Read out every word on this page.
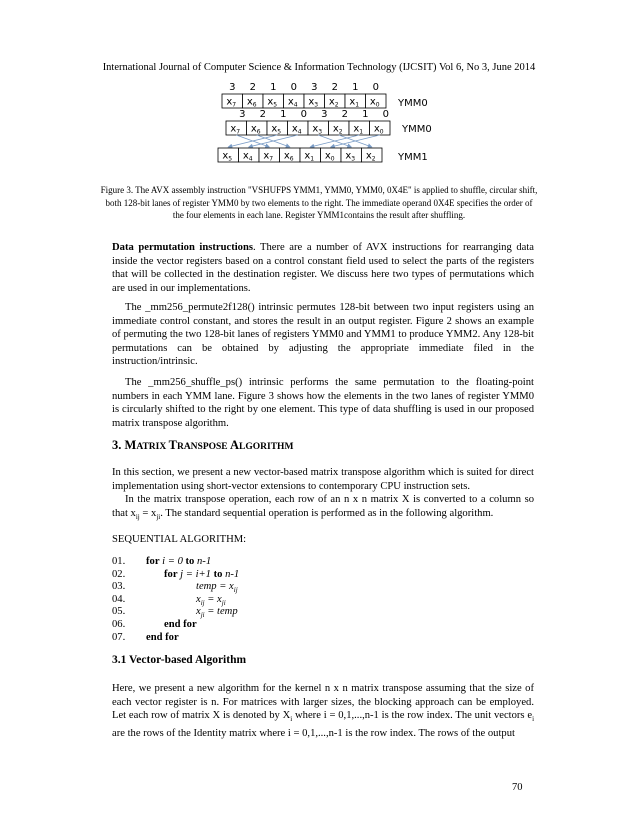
International Journal of Computer Science & Information Technology (IJCSIT) Vol 6, No 3, June 2014
3 2 1 0 3 2 1 0
$x_7$ $x_6$ $x_5$ $x_4$ $x_3$ $x_2$ $x_1$ $x_0$ YMM0
3 2 1 0 3 2 1 0
$x_7$ $x_6$ $x_5$ $x_4$ $x_3$ $x_2$ $x_1$ $x_0$ YMM0
$x_5$ $x_4$ $x_7$ $x_6$ $x_1$ $x_0$ $x_3$ $x_2$ YMM1
Figure 3. The AVX assembly instruction "VSHUFPS YMM1, YMM0, YMM0, 0X4E" is applied to shuffle, circular shift, both 128-bit lanes of register YMM0 by two elements to the right. The immediate operand 0X4E specifies the order of the four elements in each lane. Register YMM1contains the result after shuffling.

Data permutation instructions. There are a number of AVX instructions for rearranging data inside the vector registers based on a control constant field used to select the parts of the registers that will be collected in the destination register. We discuss here two types of permutations which are used in our implementations.

The _mm256_permute2f128() intrinsic permutes 128-bit between two input registers using an immediate control constant, and stores the result in an output register. Figure 2 shows an example of permuting the two 128-bit lanes of registers YMM0 and YMM1 to produce YMM2. Any 128-bit permutations can be obtained by adjusting the appropriate immediate filed in the instruction/intrinsic.
The _mm256_shuffle_ps() intrinsic performs the same permutation to the floating-point numbers in each YMM lane. Figure 3 shows how the elements in the two lanes of register YMM0 is circularly shifted to the right by one element. This type of data shuffling is used in our proposed matrix transpose algorithm.
3. MATRIX TRANSPOSE ALGORITHM
In this section, we present a new vector-based matrix transpose algorithm which is suited for direct implementation using short-vector extensions to contemporary CPU instruction sets.
In the matrix transpose operation, each row of an n x n matrix X is converted to a column so that $x_{ij} = x_{ji}$. The standard sequential operation is performed as in the following algorithm.
SEQUENTIAL ALGORITHM:
01. for i = 0 to n-1
02.	for j = i+1 to n-1
03.	temp = $x_{ij}$
04.	$x_{ij} = x_{ji}$
05.	$x_{ji}$ = temp
06.	end for
07. end for
3.1 Vector-based Algorithm
Here, we present a new algorithm for the kernel n x n matrix transpose assuming that the size of each vector register is n. For matrices with larger sizes, the blocking approach can be employed. Let each row of matrix X is denoted by $X_i$ where i = 0,1,...,n-1 is the row index. The unit vectors $e_i$ are the rows of the Identity matrix where i = 0,1,...,n-1 is the row index. The rows of the output
70
